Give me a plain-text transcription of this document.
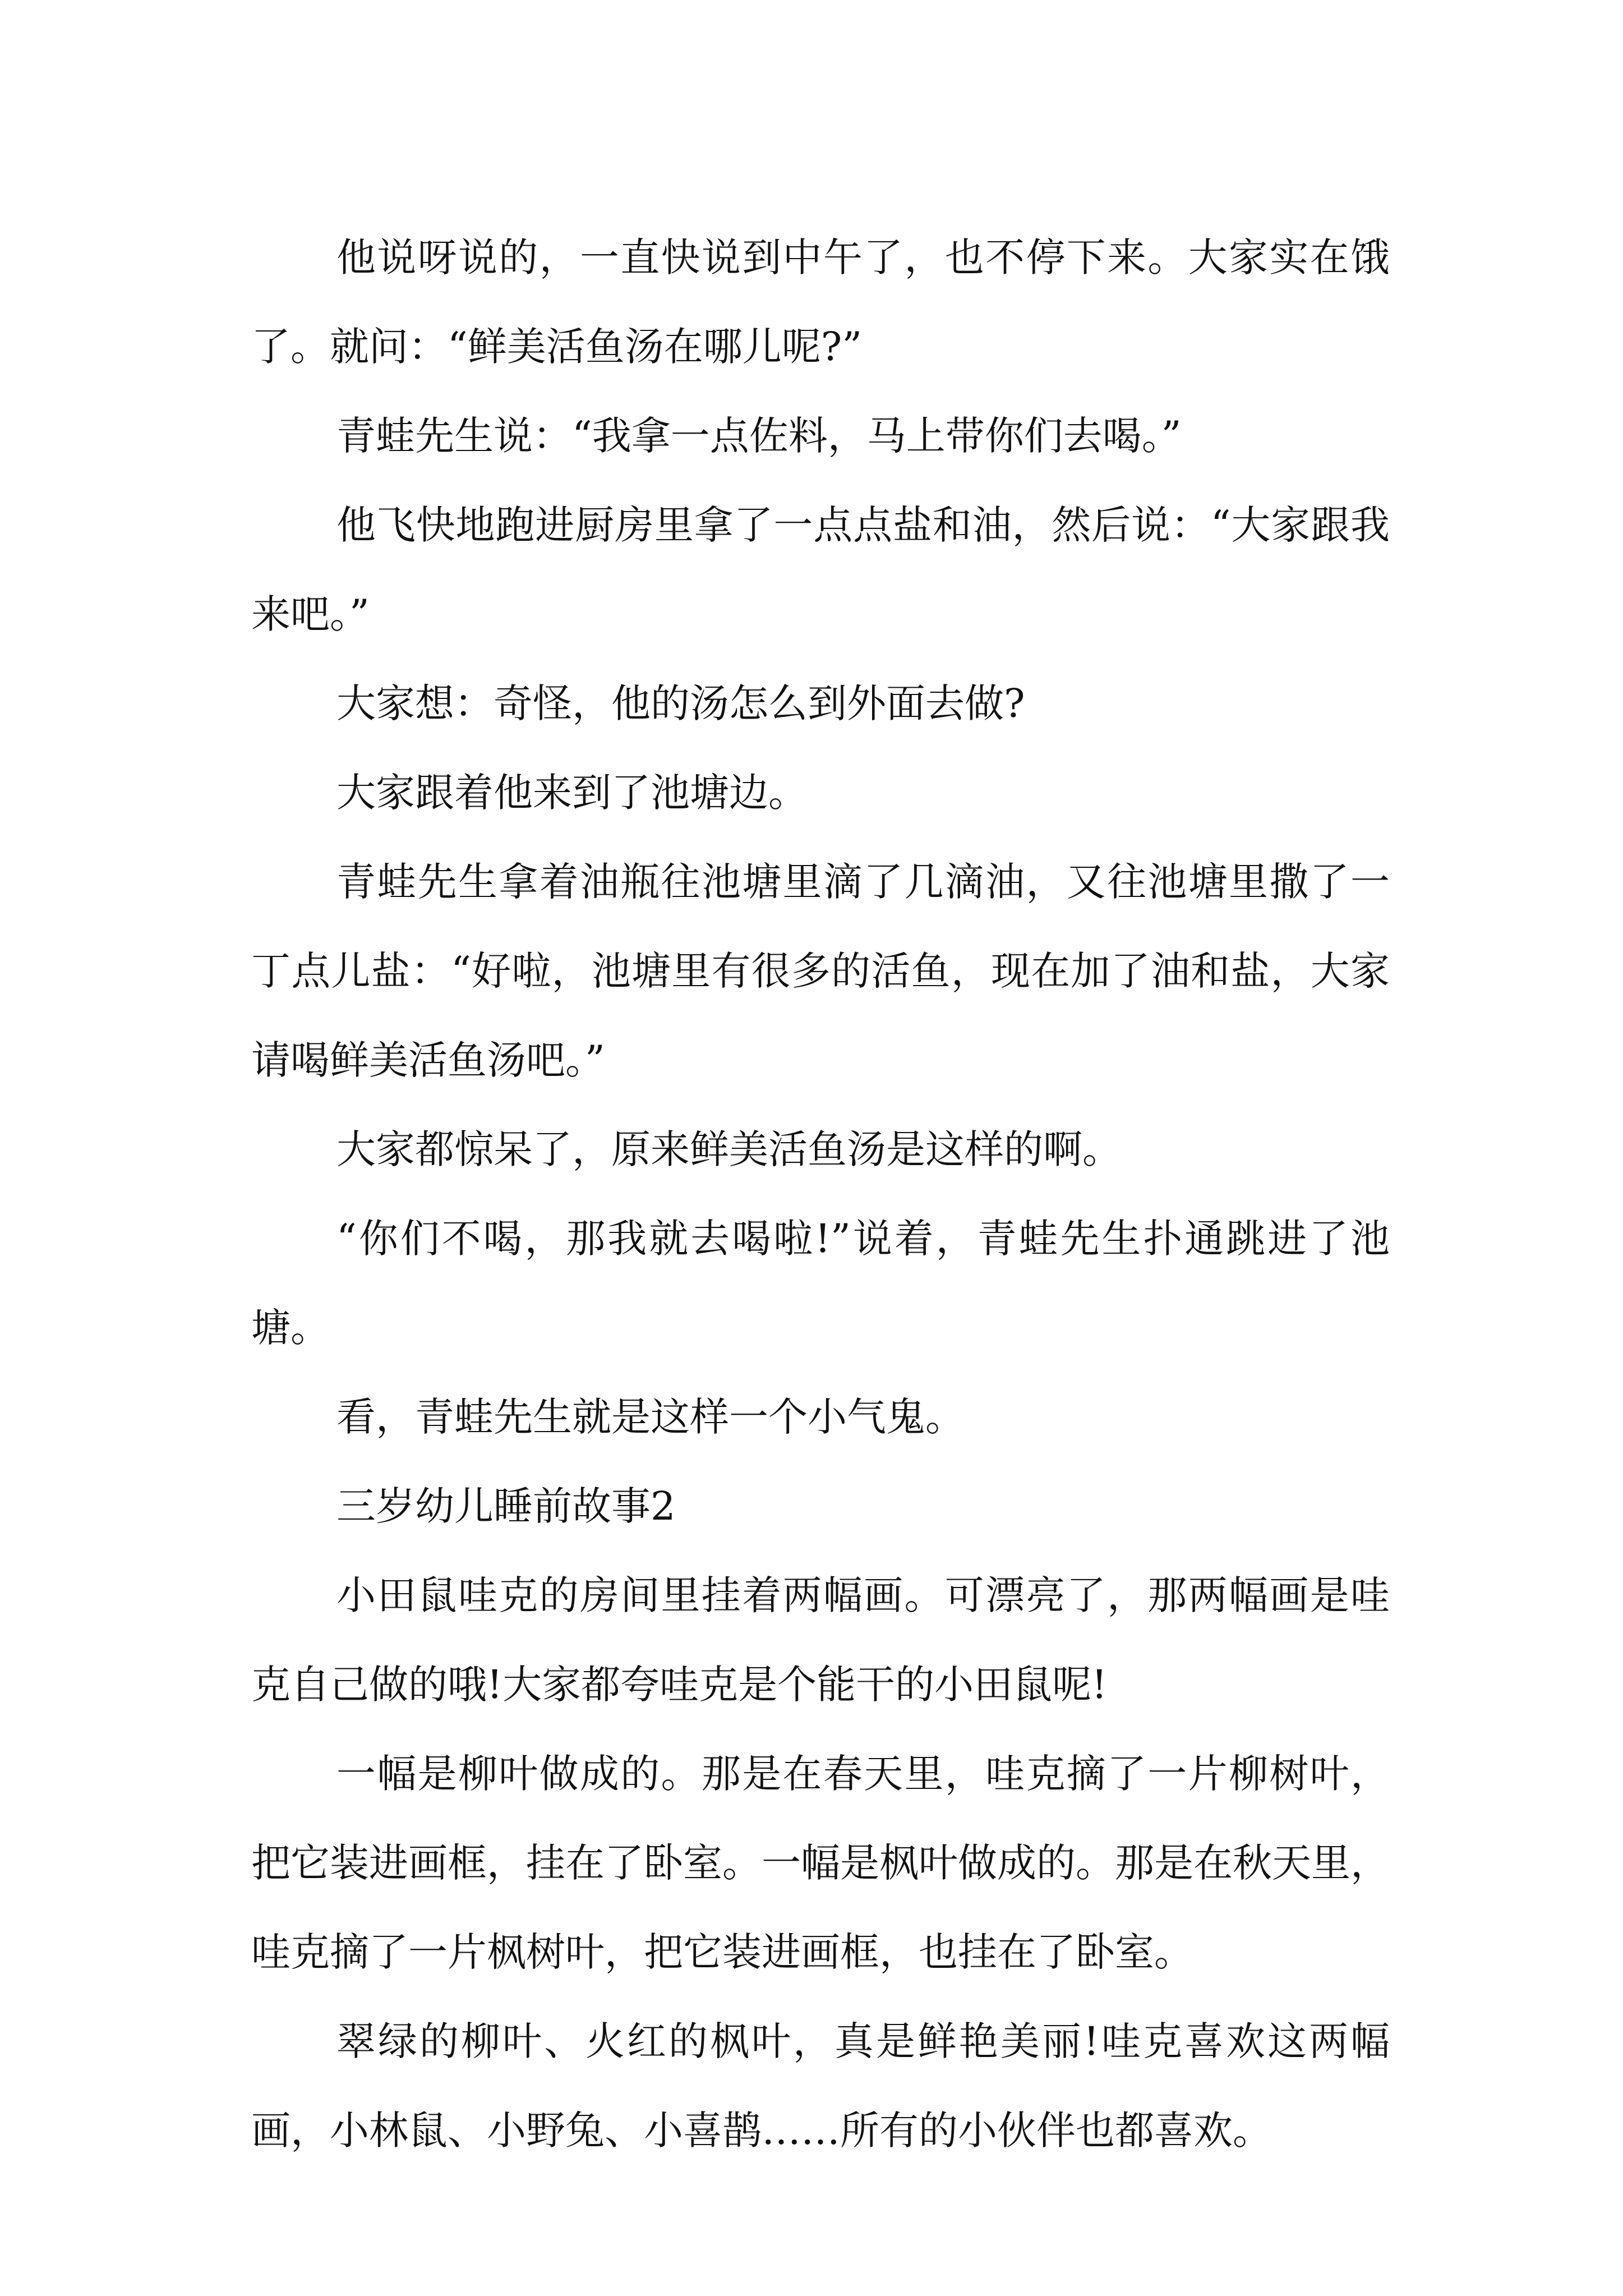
他说呀说的，一直快说到中午了，也不停下来。大家实在饿了。就问：“鲜美活鱼汤在哪儿呢?”

青蛙先生说：“我拿一点佐料，马上带你们去喝。”

他飞快地跑进厨房里拿了一点点盐和油，然后说：“大家跟我来吧。”

大家想：奇怪，他的汤怎么到外面去做?

大家跟着他来到了池塘边。

青蛙先生拿着油瓶往池塘里滴了几滴油，又往池塘里撒了一丁点儿盐：“好啦，池塘里有很多的活鱼，现在加了油和盐，大家请喝鲜美活鱼汤吧。”

大家都惊呆了，原来鲜美活鱼汤是这样的啊。

“你们不喝，那我就去喝啦!”说着，青蛙先生扑通跳进了池塘。

看，青蛙先生就是这样一个小气鬼。

三岁幼儿睡前故事2

小田鼠哇克的房间里挂着两幅画。可漂亮了，那两幅画是哇克自己做的哦!大家都夸哇克是个能干的小田鼠呢!

一幅是柳叶做成的。那是在春天里，哇克摘了一片柳树叶，把它装进画框，挂在了卧室。一幅是枫叶做成的。那是在秋天里，哇克摘了一片枫树叶，把它装进画框，也挂在了卧室。

翠绿的柳叶、火红的枫叶，真是鲜艳美丽!哇克喜欢这两幅画，小林鼠、小野兔、小喜鹊……所有的小伙伴也都喜欢。
